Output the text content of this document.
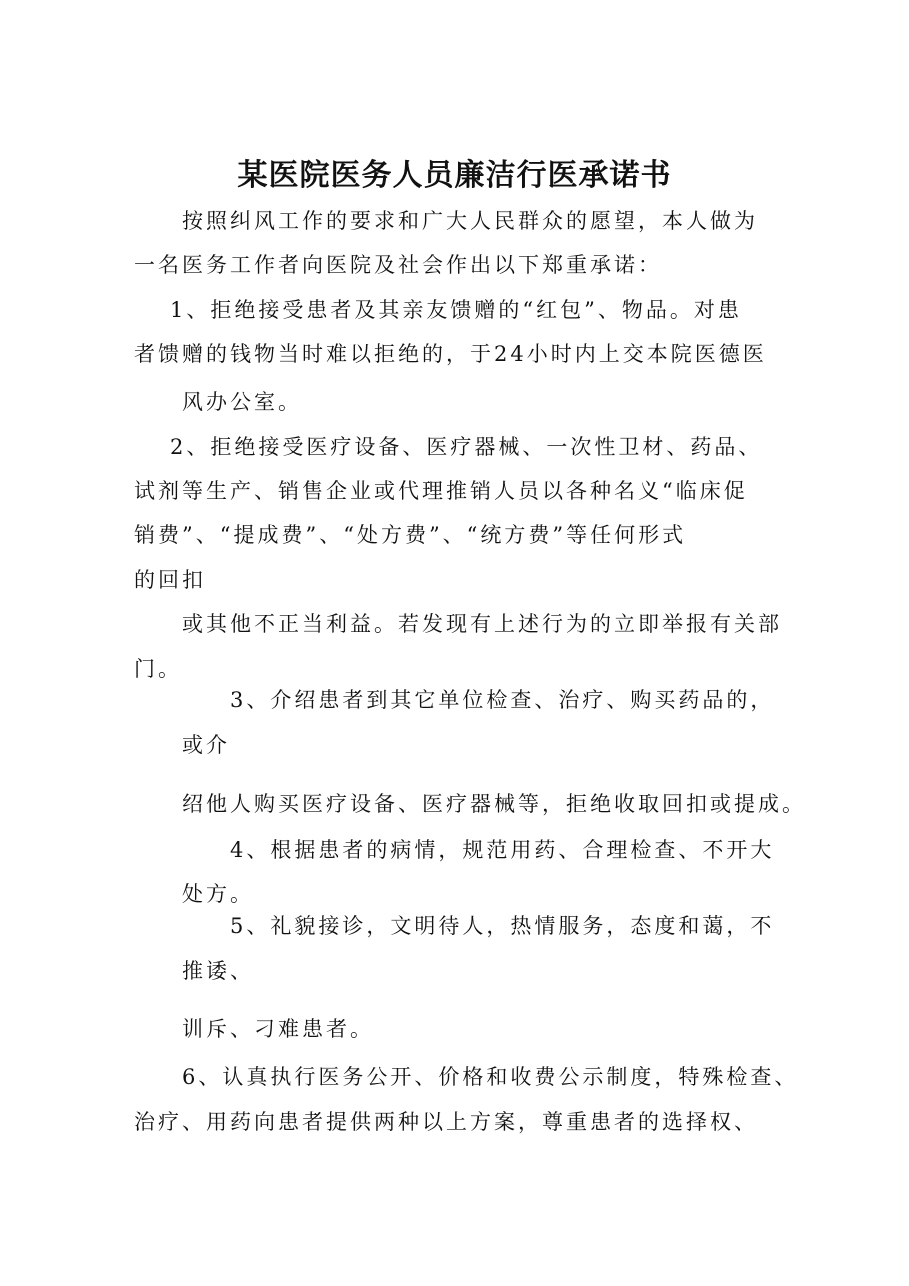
某医院医务人员廉洁行医承诺书
按照纠风工作的要求和广大人民群众的愿望，本人做为
一名医务工作者向医院及社会作出以下郑重承诺：
1、拒绝接受患者及其亲友馈赠的“红包”、物品。对患
者馈赠的钱物当时难以拒绝的，于24小时内上交本院医德医
风办公室。
2、拒绝接受医疗设备、医疗器械、一次性卫材、药品、
试剂等生产、销售企业或代理推销人员以各种名义“临床促
销费”、“提成费”、“处方费”、“统方费”等任何形式
的回扣
或其他不正当利益。若发现有上述行为的立即举报有关部
门。
3、介绍患者到其它单位检查、治疗、购买药品的，
或介
绍他人购买医疗设备、医疗器械等，拒绝收取回扣或提成。
4、根据患者的病情，规范用药、合理检查、不开大
处方。
5、礼貌接诊，文明待人，热情服务，态度和蔼，不
推诿、
训斥、刁难患者。
6、认真执行医务公开、价格和收费公示制度，特殊检查、
治疗、用药向患者提供两种以上方案，尊重患者的选择权、
